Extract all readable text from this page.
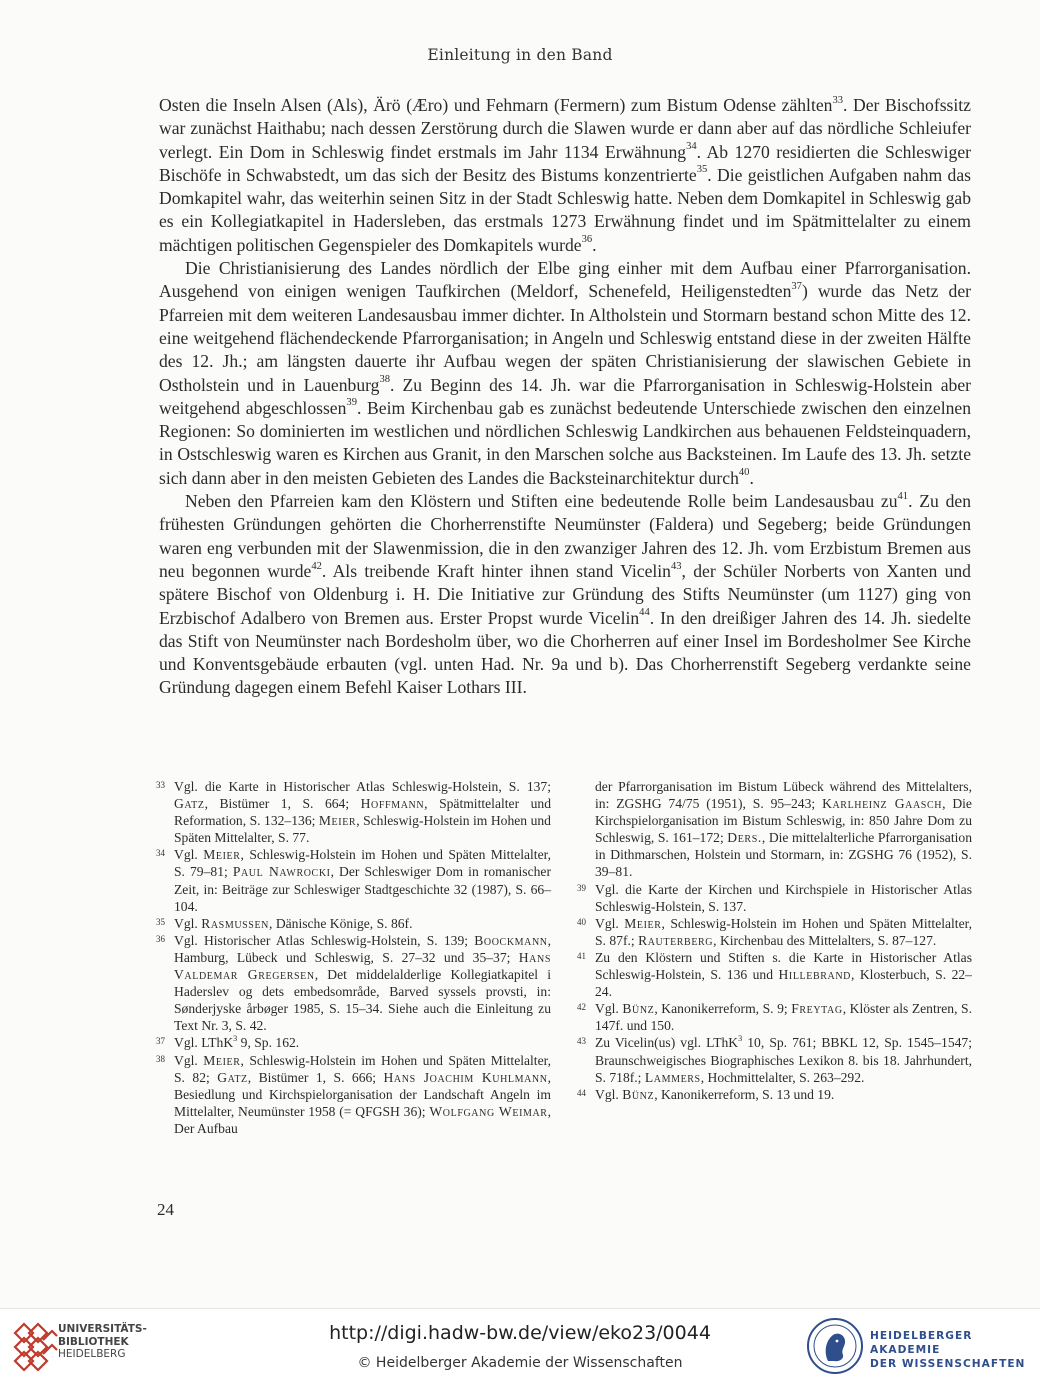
Einleitung in den Band

Osten die Inseln Alsen (Als), Ärö (Æro) und Fehmarn (Fermern) zum Bistum Odense zählten$^{33}$. Der Bischofssitz war zunächst Haithabu; nach dessen Zerstörung durch die Slawen wurde er dann aber auf das nördliche Schleiufer verlegt. Ein Dom in Schleswig findet erstmals im Jahr 1134 Erwähnung$^{34}$. Ab 1270 residierten die Schleswiger Bischöfe in Schwabstedt, um das sich der Besitz des Bistums konzentrierte$^{35}$. Die geistlichen Aufgaben nahm das Domkapitel wahr, das weiterhin seinen Sitz in der Stadt Schleswig hatte. Neben dem Domkapitel in Schleswig gab es ein Kollegiatkapitel in Hadersleben, das erstmals 1273 Erwähnung findet und im Spätmittelalter zu einem mächtigen politischen Gegenspieler des Domkapitels wurde$^{36}$.

Die Christianisierung des Landes nördlich der Elbe ging einher mit dem Aufbau einer Pfarrorganisation. Ausgehend von einigen wenigen Taufkirchen (Meldorf, Schenefeld, Heiligenstedten$^{37}$) wurde das Netz der Pfarreien mit dem weiteren Landesausbau immer dichter. In Altholstein und Stormarn bestand schon Mitte des 12. eine weitgehend flächendeckende Pfarrorganisation; in Angeln und Schleswig entstand diese in der zweiten Hälfte des 12. Jh.; am längsten dauerte ihr Aufbau wegen der späten Christianisierung der slawischen Gebiete in Ostholstein und in Lauenburg$^{38}$. Zu Beginn des 14. Jh. war die Pfarrorganisation in Schleswig-Holstein aber weitgehend abgeschlossen$^{39}$. Beim Kirchenbau gab es zunächst bedeutende Unterschiede zwischen den einzelnen Regionen: So dominierten im westlichen und nördlichen Schleswig Landkirchen aus behauenen Feldsteinquadern, in Ostschleswig waren es Kirchen aus Granit, in den Marschen solche aus Backsteinen. Im Laufe des 13. Jh. setzte sich dann aber in den meisten Gebieten des Landes die Backsteinarchitektur durch$^{40}$.

Neben den Pfarreien kam den Klöstern und Stiften eine bedeutende Rolle beim Landesausbau $zu^{41}$. Zu den frühesten Gründungen gehörten die Chorherrenstifte Neumünster (Faldera) und Segeberg; beide Gründungen waren eng verbunden mit der Slawenmission, die in den zwanziger Jahren des 12. Jh. vom Erzbistum Bremen aus neu begonnen wurde$^{42}$. Als treibende Kraft hinter ihnen stand Vicelin$^{43}$, der Schüler Norberts von Xanten und spätere Bischof von Oldenburg i. H. Die Initiative zur Gründung des Stifts Neumünster (um 1127) ging von Erzbischof Adalbero von Bremen aus. Erster Propst wurde Vicelin$^{44}$. In den dreißiger Jahren des 14. Jh. siedelte das Stift von Neumünster nach Bordesholm über, wo die Chorherren auf einer Insel im Bordesholmer See Kirche und Konventsgebäude erbauten (vgl. unten Had. Nr. 9a und b). Das Chorherrenstift Segeberg verdankte seine Gründung dagegen einem Befehl Kaiser Lothars III.

33 Vgl. die Karte in Historischer Atlas Schleswig-Holstein, S. 137; Gatz, Bistümer 1, S. 664; Hoffmann, Spätmittelalter und Reformation, S. 132–136; Meier, Schleswig-Holstein im Hohen und Späten Mittelalter, S. 77.
34 Vgl. Meier, Schleswig-Holstein im Hohen und Späten Mittelalter, S. 79–81; Paul Nawrocki, Der Schleswiger Dom in romanischer Zeit, in: Beiträge zur Schleswiger Stadtgeschichte 32 (1987), S. 66–104.
35 Vgl. Rasmussen, Dänische Könige, S. 86f.
36 Vgl. Historischer Atlas Schleswig-Holstein, S. 139; Boockmann, Hamburg, Lübeck und Schleswig, S. 27–32 und 35–37; Hans Valdemar Gregersen, Det middelalderlige Kollegiatkapitel i Haderslev og dets embedsområde, Barved syssels provsti, in: Sønderjyske årbøger 1985, S. 15–34. Siehe auch die Einleitung zu Text Nr. 3, S. 42.
37 Vgl. LThK$^3$ 9, Sp. 162.
38 Vgl. Meier, Schleswig-Holstein im Hohen und Späten Mittelalter, S. 82; Gatz, Bistümer 1, S. 666; Hans Joachim Kuhlmann, Besiedlung und Kirchspielorganisation der Landschaft Angeln im Mittelalter, Neumünster 1958 (= QFGSH 36); Wolfgang Weimar, Der Aufbau
der Pfarrorganisation im Bistum Lübeck während des Mittelalters, in: ZGSHG 74/75 (1951), S. 95–243; Karlheinz Gaasch, Die Kirchspielorganisation im Bistum Schleswig, in: 850 Jahre Dom zu Schleswig, S. 161–172; Ders., Die mittelalterliche Pfarrorganisation in Dithmarschen, Holstein und Stormarn, in: ZGSHG 76 (1952), S. 39–81.
39 Vgl. die Karte der Kirchen und Kirchspiele in Historischer Atlas Schleswig-Holstein, S. 137.
40 Vgl. Meier, Schleswig-Holstein im Hohen und Späten Mittelalter, S. 87f.; Rauterberg, Kirchenbau des Mittelalters, S. 87–127.
41 Zu den Klöstern und Stiften s. die Karte in Historischer Atlas Schleswig-Holstein, S. 136 und Hillebrand, Klosterbuch, S. 22–24.
42 Vgl. Bünz, Kanonikerreform, S. 9; Freytag, Klöster als Zentren, S. 147f. und 150.
43 Zu Vicelin(us) vgl. LThK$^3$ 10, Sp. 761; BBKL 12, Sp. 1545–1547; Braunschweigisches Biographisches Lexikon 8. bis 18. Jahrhundert, S. 718f.; Lammers, Hochmittelalter, S. 263–292.
44 Vgl. Bünz, Kanonikerreform, S. 13 und 19.
24
UNIVERSITÄTS-
BIBLIOTHEK
HEIDELBERG
http://digi.hadw-bw.de/view/eko23/0044
© Heidelberger Akademie der Wissenschaften
HEIDELBERGER AKADEMIE
DER WISSENSCHAFTEN
